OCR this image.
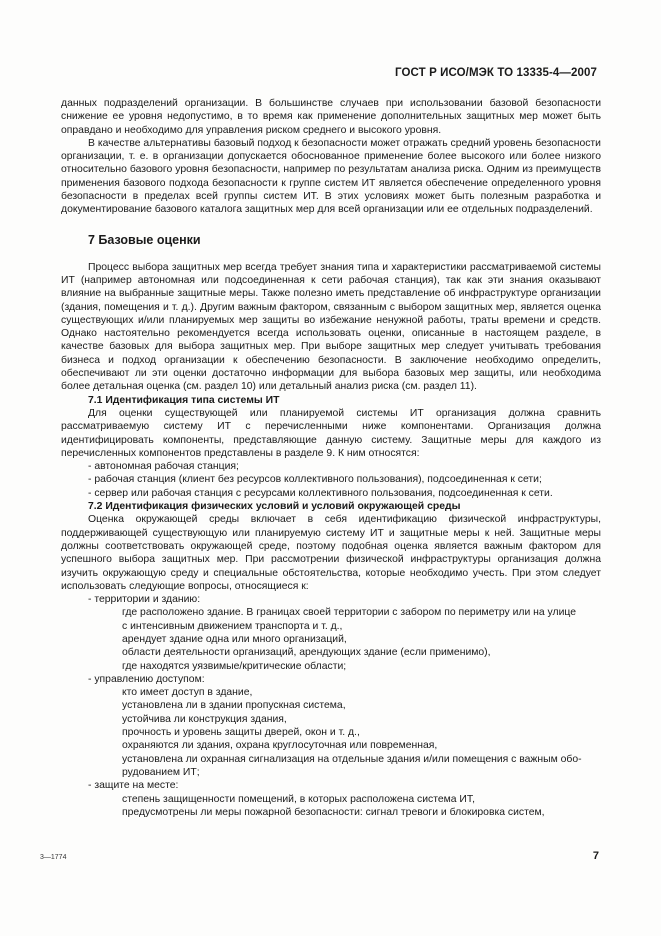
ГОСТ Р ИСО/МЭК ТО 13335-4—2007

данных подразделений организации. В большинстве случаев при использовании базовой безопасности снижение ее уровня недопустимо, в то время как применение дополнительных защитных мер может быть оправдано и необходимо для управления риском среднего и высокого уровня.

В качестве альтернативы базовый подход к безопасности может отражать средний уровень безопасности организации, т. е. в организации допускается обоснованное применение более высокого или более низкого относительно базового уровня безопасности, например по результатам анализа риска. Одним из преимуществ применения базового подхода безопасности к группе систем ИТ является обеспечение определенного уровня безопасности в пределах всей группы систем ИТ. В этих условиях может быть полезным разработка и документирование базового каталога защитных мер для всей организации или ее отдельных подразделений.

7 Базовые оценки

Процесс выбора защитных мер всегда требует знания типа и характеристики рассматриваемой системы ИТ (например автономная или подсоединенная к сети рабочая станция), так как эти знания оказывают влияние на выбранные защитные меры. Также полезно иметь представление об инфраструктуре организации (здания, помещения и т. д.). Другим важным фактором, связанным с выбором защитных мер, является оценка существующих и/или планируемых мер защиты во избежание ненужной работы, траты времени и средств. Однако настоятельно рекомендуется всегда использовать оценки, описанные в настоящем разделе, в качестве базовых для выбора защитных мер. При выборе защитных мер следует учитывать требования бизнеса и подход организации к обеспечению безопасности. В заключение необходимо определить, обеспечивают ли эти оценки достаточно информации для выбора базовых мер защиты, или необходима более детальная оценка (см. раздел 10) или детальный анализ риска (см. раздел 11).

7.1 Идентификация типа системы ИТ

Для оценки существующей или планируемой системы ИТ организация должна сравнить рассматриваемую систему ИТ с перечисленными ниже компонентами. Организация должна идентифицировать компоненты, представляющие данную систему. Защитные меры для каждого из перечисленных компонентов представлены в разделе 9. К ним относятся:

- автономная рабочая станция;

- рабочая станция (клиент без ресурсов коллективного пользования), подсоединенная к сети;

- сервер или рабочая станция с ресурсами коллективного пользования, подсоединенная к сети.

7.2 Идентификация физических условий и условий окружающей среды

Оценка окружающей среды включает в себя идентификацию физической инфраструктуры, поддерживающей существующую или планируемую систему ИТ и защитные меры к ней. Защитные меры должны соответствовать окружающей среде, поэтому подобная оценка является важным фактором для успешного выбора защитных мер. При рассмотрении физической инфраструктуры организация должна изучить окружающую среду и специальные обстоятельства, которые необходимо учесть. При этом следует использовать следующие вопросы, относящиеся к:

- территории и зданию:

где расположено здание. В границах своей территории с забором по периметру или на улице

с интенсивным движением транспорта и т. д.,

арендует здание одна или много организаций,

области деятельности организаций, арендующих здание (если применимо),

где находятся уязвимые/критические области;

- управлению доступом:

кто имеет доступ в здание,

установлена ли в здании пропускная система,

устойчива ли конструкция здания,

прочность и уровень защиты дверей, окон и т. д.,

охраняются ли здания, охрана круглосуточная или повременная,

установлена ли охранная сигнализация на отдельные здания и/или помещения с важным обо-

рудованием ИТ;

- защите на месте:

степень защищенности помещений, в которых расположена система ИТ,

предусмотрены ли меры пожарной безопасности: сигнал тревоги и блокировка систем,

3—1774	7
